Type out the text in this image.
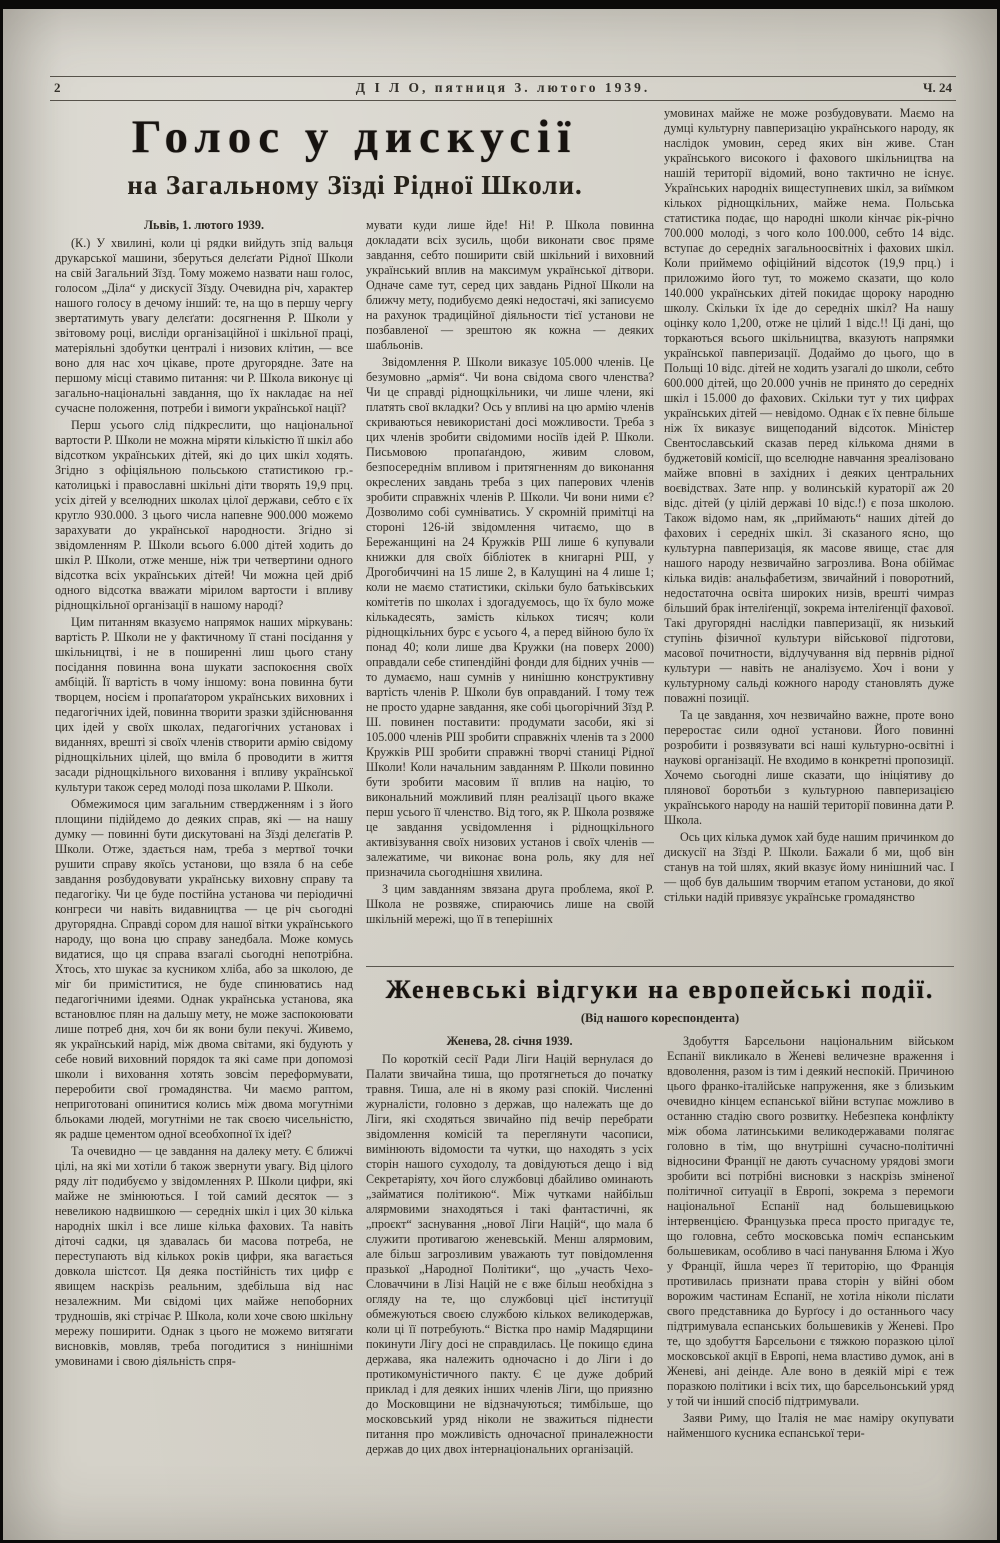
2	Д І Л О, пятниця 3. лютого 1939.	Ч. 24
Голос у дискусії
на Загальному Зїзді Рідної Школи.

Львів, 1. лютого 1939.

(К.) У хвилині, коли ці рядки вийдуть зпід вальця друкарської машини, зберуться делєґати Рідної Школи на свій Загальний Зїзд. Тому можемо назвати наш голос, голосом „Діла“ у дискусії Зїзду. Очевидна річ, характер нашого голосу в дечому інший: те, на що в першу чергу звертатимуть увагу делєґати: досягнення Р. Школи у звітовому році, висліди організаційної і шкільної праці, матеріяльні здобутки централі і низових клітин, — все воно для нас хоч цікаве, проте другорядне. Зате на першому місці ставимо питання: чи Р. Школа виконує ці загально-національні завдання, що їх накладає на неї сучасне положення, потреби і вимоги української нації?

Перш усього слід підкреслити, що національної вартости Р. Школи не можна міряти кількістю її шкіл або відсотком українських дітей, які до цих шкіл ходять. Згідно з офіціяльною польською статистикою гр.-католицькі і православні шкільні діти творять 19,9 прц. усіх дітей у вселюдних школах цілої держави, себто є їх кругло 930.000. З цього числа напевне 900.000 можемо зарахувати до української народности. Згідно зі звідомленням Р. Школи всього 6.000 дітей ходить до шкіл Р. Школи, отже менше, ніж три четвертини одного відсотка всіх українських дітей! Чи можна цей дріб одного відсотка вважати мірилом вартости і впливу ріднощкільної організації в нашому народі?

Цим питанням вказуємо напрямок наших міркувань: вартість Р. Школи не у фактичному її стані посідання у шкільництві, і не в поширенні лиш цього стану посідання повинна вона шукати заспокоєння своїх амбіцій. Її вартість в чому іншому: вона повинна бути творцем, носієм і пропаґатором українських виховних і педагогічних ідей, повинна творити зразки здійснювання цих ідей у своїх школах, педагогічних установах і виданнях, врешті зі своїх членів створити армію свідому ріднощкільних цілей, що вміла б проводити в життя засади ріднощкільного виховання і впливу української культури також серед молоді поза школами Р. Школи.

Обмежимося цим загальним ствердженням і з його площини підійдемо до деяких справ, які — на нашу думку — повинні бути дискутовані на Зїзді делєґатів Р. Школи. Отже, здається нам, треба з мертвої точки рушити справу якоїсь установи, що взяла б на себе завдання розбудовувати українську виховну справу та педагогіку. Чи це буде постійна установа чи періодичні конгреси чи навіть видавництва — це річ сьогодні другорядна. Справді сором для нашої вітки українського народу, що вона цю справу занедбала. Може комусь видатися, що ця справа взагалі сьогодні непотрібна. Хтось, хто шукає за кусником хліба, або за школою, де міг би приміститися, не буде спинюватись над педагогічними ідеями. Однак українська установа, яка встановлює плян на дальшу мету, не може заспокоювати лише потреб дня, хоч би як вони були пекучі. Живемо, як український нарід, між двома світами, які будують у себе новий виховний порядок та які саме при допомозі школи і виховання хотять зовсім переформувати, переробити свої громадянства. Чи маємо раптом, неприготовані опинитися колись між двома могутніми бльоками людей, могутніми не так своєю чисельністю, як радше цементом одної всеобхопної їх ідеї?

Та очевидно — це завдання на далеку мету. Є ближчі цілі, на які ми хотіли б також звернути увагу. Від цілого ряду літ подибуємо у звідомленнях Р. Школи цифри, які майже не змінюються. І той самий десяток — з невеликою надвишкою — середніх шкіл і цих 30 кілька народніх шкіл і все лише кілька фахових. Та навіть діточі садки, ця здавалась би масова потреба, не переступають від кількох років цифри, яка вагається довкола шістсот. Ця деяка постійність тих цифр є явищем наскрізь реальним, здебільша від нас незалежним. Ми свідомі цих майже непоборних трудношів, які стрічає Р. Школа, коли хоче свою шкільну мережу поширити. Однак з цього не можемо витягати висновків, мовляв, треба погодитися з нинішніми умовинами і свою діяльність спря-

мувати куди лише йде! Ні! Р. Школа повинна докладати всіх зусиль, щоби виконати своє пряме завдання, себто поширити свій шкільний і виховний український вплив на максимум української дітвори. Одначе саме тут, серед цих завдань Рідної Школи на ближчу мету, подибуємо деякі недостачі, які записуємо на рахунок традиційної діяльности тієї установи не позбавленої — зрештою як кожна — деяких шабльонів.

Звідомлення Р. Школи виказує 105.000 членів. Це безумовно „армія“. Чи вона свідома свого членства? Чи це справді ріднощкільники, чи лише члени, які платять свої вкладки? Ось у впливі на цю армію членів скриваються невикористані досі можливости. Треба з цих членів зробити свідомими носіїв ідей Р. Школи. Письмовою пропаґандою, живим словом, безпосереднім впливом і притягненням до виконання окреслених завдань треба з цих паперових членів зробити справжніх членів Р. Школи. Чи вони ними є? Дозволимо собі сумніватись. У скромній примітці на стороні 126-ій звідомлення читаємо, що в Бережанщині на 24 Кружків РШ лише 6 купували книжки для своїх бібліотек в книгарні РШ, у Дрогобиччині на 15 лише 2, в Калущині на 4 лише 1; коли не маємо статистики, скільки було батьківських комітетів по школах і здогадуємось, що їх було може кількадесять, замість кількох тисяч; коли ріднощкільних бурс є усього 4, а перед війною було їх понад 40; коли лише два Кружки (на поверх 2000) оправдали себе стипендійні фонди для бідних учнів — то думаємо, наш сумнів у нинішню конструктивну вартість членів Р. Школи був оправданий. І тому теж не просто ударне завдання, яке собі цьогорічний Зїзд Р. Ш. повинен поставити: продумати засоби, які зі 105.000 членів РШ зробити справжніх членів та з 2000 Кружків РШ зробити справжні творчі станиці Рідної Школи! Коли начальним завданням Р. Школи повинно бути зробити масовим її вплив на націю, то викональний можливий плян реалізації цього вкаже перш усього її членство. Від того, як Р. Школа розвяже це завдання усвідомлення і ріднощкільного активізування своїх низових установ і своїх членів — залежатиме, чи виконає вона роль, яку для неї призначила сьогоднішня хвилина.

З цим завданням звязана друга проблема, якої Р. Школа не розвяже, спираючись лише на своїй шкільній мережі, що її в теперішніх

умовинах майже не може розбудовувати. Маємо на думці культурну павперизацію українського народу, як наслідок умовин, серед яких він живе. Стан українського високого і фахового шкільництва на нашій території відомий, воно тактично не існує. Українських народніх вищеступневих шкіл, за виїмком кількох ріднощкільних, майже нема. Польська статистика подає, що народні школи кінчає рік-річно 700.000 молоді, з чого коло 100.000, себто 14 відс. вступає до середніх загальноосвітніх і фахових шкіл. Коли приймемо офіційний відсоток (19,9 прц.) і приложимо його тут, то можемо сказати, що коло 140.000 українських дітей покидає щороку народню школу. Скільки їх іде до середніх шкіл? На нашу оцінку коло 1,200, отже не цілий 1 відс.!! Ці дані, що торкаються всього шкільництва, вказують напрямки української павперизації. Додаймо до цього, що в Польщі 10 відс. дітей не ходить узагалі до школи, себто 600.000 дітей, що 20.000 учнів не принято до середніх шкіл і 15.000 до фахових. Скільки тут у тих цифрах українських дітей — невідомо. Однак є їх певне більше ніж їх виказує вищеподаний відсоток. Міністер Свентославський сказав перед кількома днями в буджетовій комісії, що вселюдне навчання зреалізовано майже вповні в західних і деяких центральних воєвідствах. Зате нпр. у волинській кураторії аж 20 відс. дітей (у цілій державі 10 відс.!) є поза школою. Також відомо нам, як „приймають“ наших дітей до фахових і середніх шкіл. Зі сказаного ясно, що культурна павперизація, як масове явище, стає для нашого народу незвичайно загрозлива. Вона обіймає кілька видів: анальфабетизм, звичайний і поворотний, недостаточна освіта широких низів, врешті чимраз більший брак інтеліґенції, зокрема інтеліґенції фахової. Такі другорядні наслідки павперизації, як низький ступінь фізичної культури військової підготови, масової почитности, відлучування від первнів рідної культури — навіть не аналізуємо. Хоч і вони у культурному сальді кожного народу становлять дуже поважні позиції.

Та це завдання, хоч незвичайно важне, проте воно переростає сили одної установи. Його повинні розробити і розвязувати всі наші культурно-освітні і наукові організації. Не входимо в конкретні пропозиції. Хочемо сьогодні лише сказати, що ініціятиву до плянової боротьби з культурною павперизацією українського народу на нашій території повинна дати Р. Школа.

Ось цих кілька думок хай буде нашим причинком до дискусії на Зїзді Р. Школи. Бажали б ми, щоб він станув на той шлях, який вказує йому нинішний час. І — щоб був дальшим творчим етапом установи, до якої стільки надій привязує українське громадянство

Женевські відгуки на европейські події.
(Від нашого кореспондента)

Женева, 28. січня 1939.

По короткій сесії Ради Ліги Націй вернулася до Палати звичайна тиша, що протягнеться до початку травня. Тиша, але ні в якому разі спокій. Численні журналісти, головно з держав, що належать ще до Ліги, які сходяться звичайно під вечір перебрати звідомлення комісій та переглянути часописи, вимінюють відомости та чутки, що находять з усіх сторін нашого суходолу, та довідуються дещо і від Секретаріяту, хоч його службовці дбайливо оминають „займатися політикою“. Між чутками найбільш алярмовими знаходяться і такі фантастичні, як „проєкт“ заснування „нової Ліги Націй“, що мала б служити противагою женевській. Менш алярмовим, але більш загрозливим уважають тут повідомлення празької „Народної Політики“, що „участь Чехо-Словаччини в Лізі Націй не є вже більш необхідна з огляду на те, що службовці цієї інституції обмежуються своєю службою кількох великодержав, коли ці її потребують.“ Вістка про намір Мадярщини покинути Лігу досі не справдилась. Це покищо єдина держава, яка належить одночасно і до Ліги і до протикомуністичного пакту. Є це дуже добрий приклад і для деяких інших членів Ліги, що приязню до Московщини не відзначуються; тимбільше, що московський уряд ніколи не зважиться піднести питання про можливість одночасної приналежности держав до цих двох інтернаціональних організацій.

Здобуття Барсельони національним військом Еспанії викликало в Женеві величезне враження і вдоволення, разом із тим і деякий неспокій. Причиною цього франко-італійське напруження, яке з близьким очевидно кінцем еспанської війни вступає можливо в останню стадію свого розвитку. Небезпека конфлікту між обома латинськими великодержавами полягає головно в тім, що внутрішні сучасно-політичні відносини Франції не дають сучасному урядові змоги зробити всі потрібні висновки з наскрізь зміненої політичної ситуації в Европі, зокрема з перемоги національної Еспанії над большевицькою інтервенцією. Французька преса просто пригадує те, що головна, себто московська поміч еспанським большевикам, особливо в часі панування Блюма і Жуо у Франції, йшла через її територію, що Франція противилась признати права сторін у війні обом ворожим частинам Еспанії, не хотіла ніколи післати свого представника до Бурґосу і до останнього часу підтримувала еспанських большевиків у Женеві. Про те, що здобуття Барсельони є тяжкою поразкою цілої московської акції в Европі, нема властиво думок, ані в Женеві, ані деінде. Але воно в деякій мірі є теж поразкою політики і всіх тих, що барсельонський уряд у той чи інший спосіб підтримували.

Заяви Риму, що Італія не має наміру окупувати найменшого кусника еспанської тери-
